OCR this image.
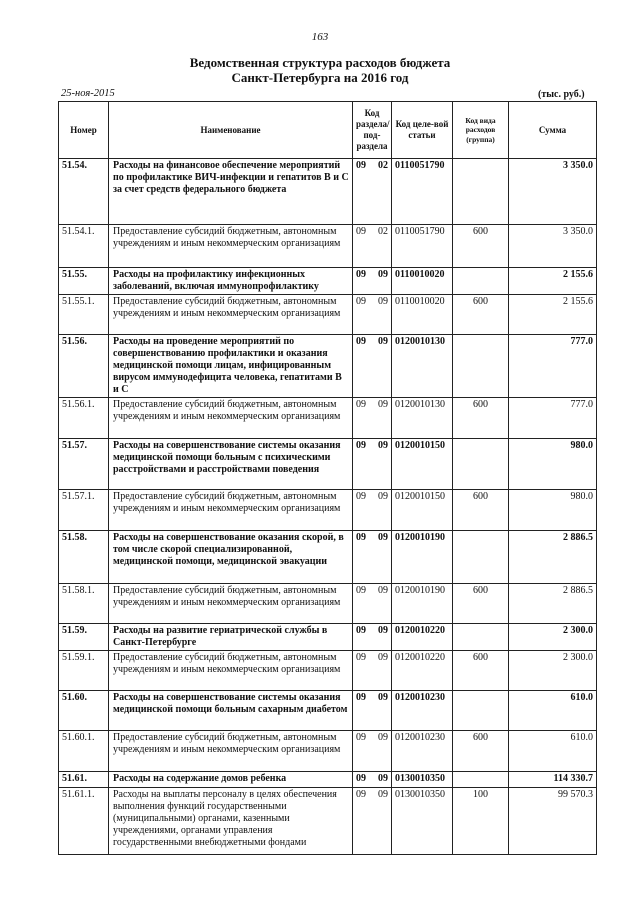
163
Ведомственная структура расходов бюджета
Санкт-Петербурга на 2016 год
25-ноя-2015	(тыс. руб.)
Номер	Наименование	Код раздела/ под-раздела		Код целе-вой статьи	Код вида расходов (группа)	Сумма
51.54.	Расходы на финансовое обеспечение мероприятий по профилактике ВИЧ-инфекции и гепатитов В и С за счет средств федерального бюджета	09	02	0110051790		3 350.0
51.54.1.	Предоставление субсидий бюджетным, автономным учреждениям и иным некоммерческим организациям	09	02	0110051790	600	3 350.0
51.55.	Расходы на профилактику инфекционных заболеваний, включая иммунопрофилактику	09	09	0110010020		2 155.6
51.55.1.	Предоставление субсидий бюджетным, автономным учреждениям и иным некоммерческим организациям	09	09	0110010020	600	2 155.6
51.56.	Расходы на проведение мероприятий по совершенствованию профилактики и оказания медицинской помощи лицам, инфицированным вирусом иммунодефицита человека, гепатитами В и С	09	09	0120010130		777.0
51.56.1.	Предоставление субсидий бюджетным, автономным учреждениям и иным некоммерческим организациям	09	09	0120010130	600	777.0
51.57.	Расходы на совершенствование системы оказания медицинской помощи больным с психическими расстройствами и расстройствами поведения	09	09	0120010150		980.0
51.57.1.	Предоставление субсидий бюджетным, автономным учреждениям и иным некоммерческим организациям	09	09	0120010150	600	980.0
51.58.	Расходы на совершенствование оказания скорой, в том числе скорой специализированной, медицинской помощи, медицинской эвакуации	09	09	0120010190		2 886.5
51.58.1.	Предоставление субсидий бюджетным, автономным учреждениям и иным некоммерческим организациям	09	09	0120010190	600	2 886.5
51.59.	Расходы на развитие гериатрической службы в Санкт-Петербурге	09	09	0120010220		2 300.0
51.59.1.	Предоставление субсидий бюджетным, автономным учреждениям и иным некоммерческим организациям	09	09	0120010220	600	2 300.0
51.60.	Расходы на совершенствование системы оказания медицинской помощи больным сахарным диабетом	09	09	0120010230		610.0
51.60.1.	Предоставление субсидий бюджетным, автономным учреждениям и иным некоммерческим организациям	09	09	0120010230	600	610.0
51.61.	Расходы на содержание домов ребенка	09	09	0130010350		114 330.7
51.61.1.	Расходы на выплаты персоналу в целях обеспечения выполнения функций государственными (муниципальными) органами, казенными учреждениями, органами управления государственными внебюджетными фондами	09	09	0130010350	100	99 570.3
